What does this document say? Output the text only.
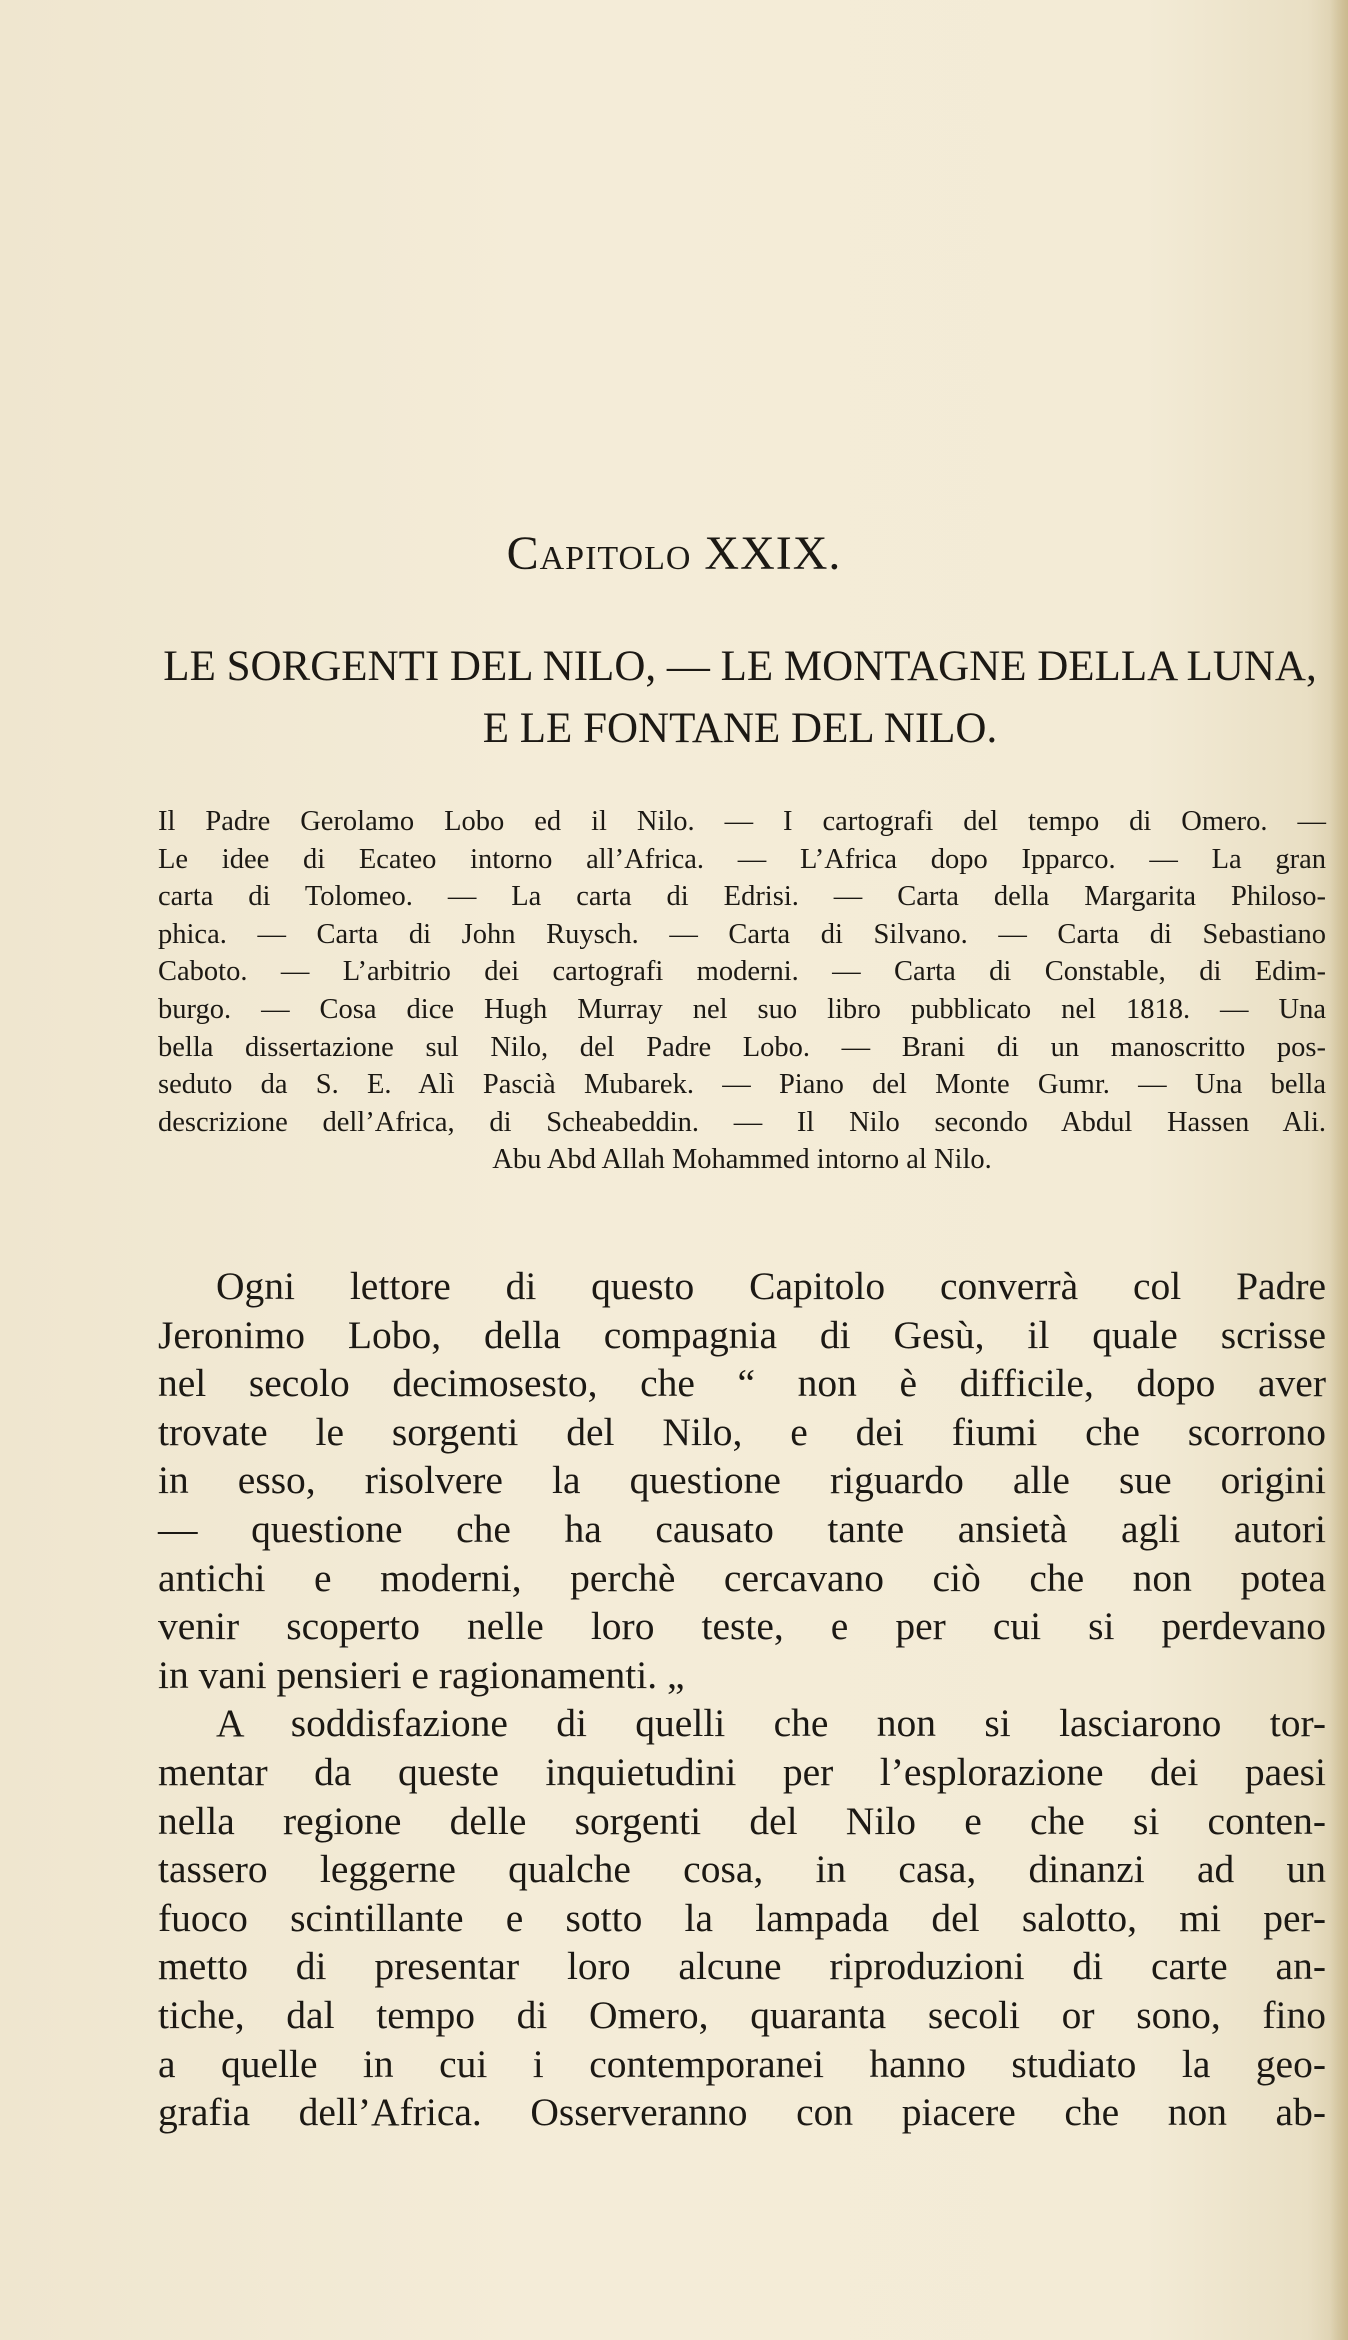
Capitolo XXIX.
LE SORGENTI DEL NILO, — LE MONTAGNE DELLA LUNA,
E LE FONTANE DEL NILO.
Il Padre Gerolamo Lobo ed il Nilo. — I cartografi del tempo di Omero. —
Le idee di Ecateo intorno all’Africa. — L’Africa dopo Ipparco. — La gran
carta di Tolomeo. — La carta di Edrisi. — Carta della Margarita Philoso-
phica. — Carta di John Ruysch. — Carta di Silvano. — Carta di Sebastiano
Caboto. — L’arbitrio dei cartografi moderni. — Carta di Constable, di Edim-
burgo. — Cosa dice Hugh Murray nel suo libro pubblicato nel 1818. — Una
bella dissertazione sul Nilo, del Padre Lobo. — Brani di un manoscritto pos-
seduto da S. E. Alì Pascià Mubarek. — Piano del Monte Gumr. — Una bella
descrizione dell’Africa, di Scheabeddin. — Il Nilo secondo Abdul Hassen Ali.
Abu Abd Allah Mohammed intorno al Nilo.
Ogni lettore di questo Capitolo converrà col Padre
Jeronimo Lobo, della compagnia di Gesù, il quale scrisse
nel secolo decimosesto, che “ non è difficile, dopo aver
trovate le sorgenti del Nilo, e dei fiumi che scorrono
in esso, risolvere la questione riguardo alle sue origini
— questione che ha causato tante ansietà agli autori
antichi e moderni, perchè cercavano ciò che non potea
venir scoperto nelle loro teste, e per cui si perdevano
in vani pensieri e ragionamenti. „
A soddisfazione di quelli che non si lasciarono tor-
mentar da queste inquietudini per l’esplorazione dei paesi
nella regione delle sorgenti del Nilo e che si conten-
tassero leggerne qualche cosa, in casa, dinanzi ad un
fuoco scintillante e sotto la lampada del salotto, mi per-
metto di presentar loro alcune riproduzioni di carte an-
tiche, dal tempo di Omero, quaranta secoli or sono, fino
a quelle in cui i contemporanei hanno studiato la geo-
grafia dell’Africa. Osserveranno con piacere che non ab-
